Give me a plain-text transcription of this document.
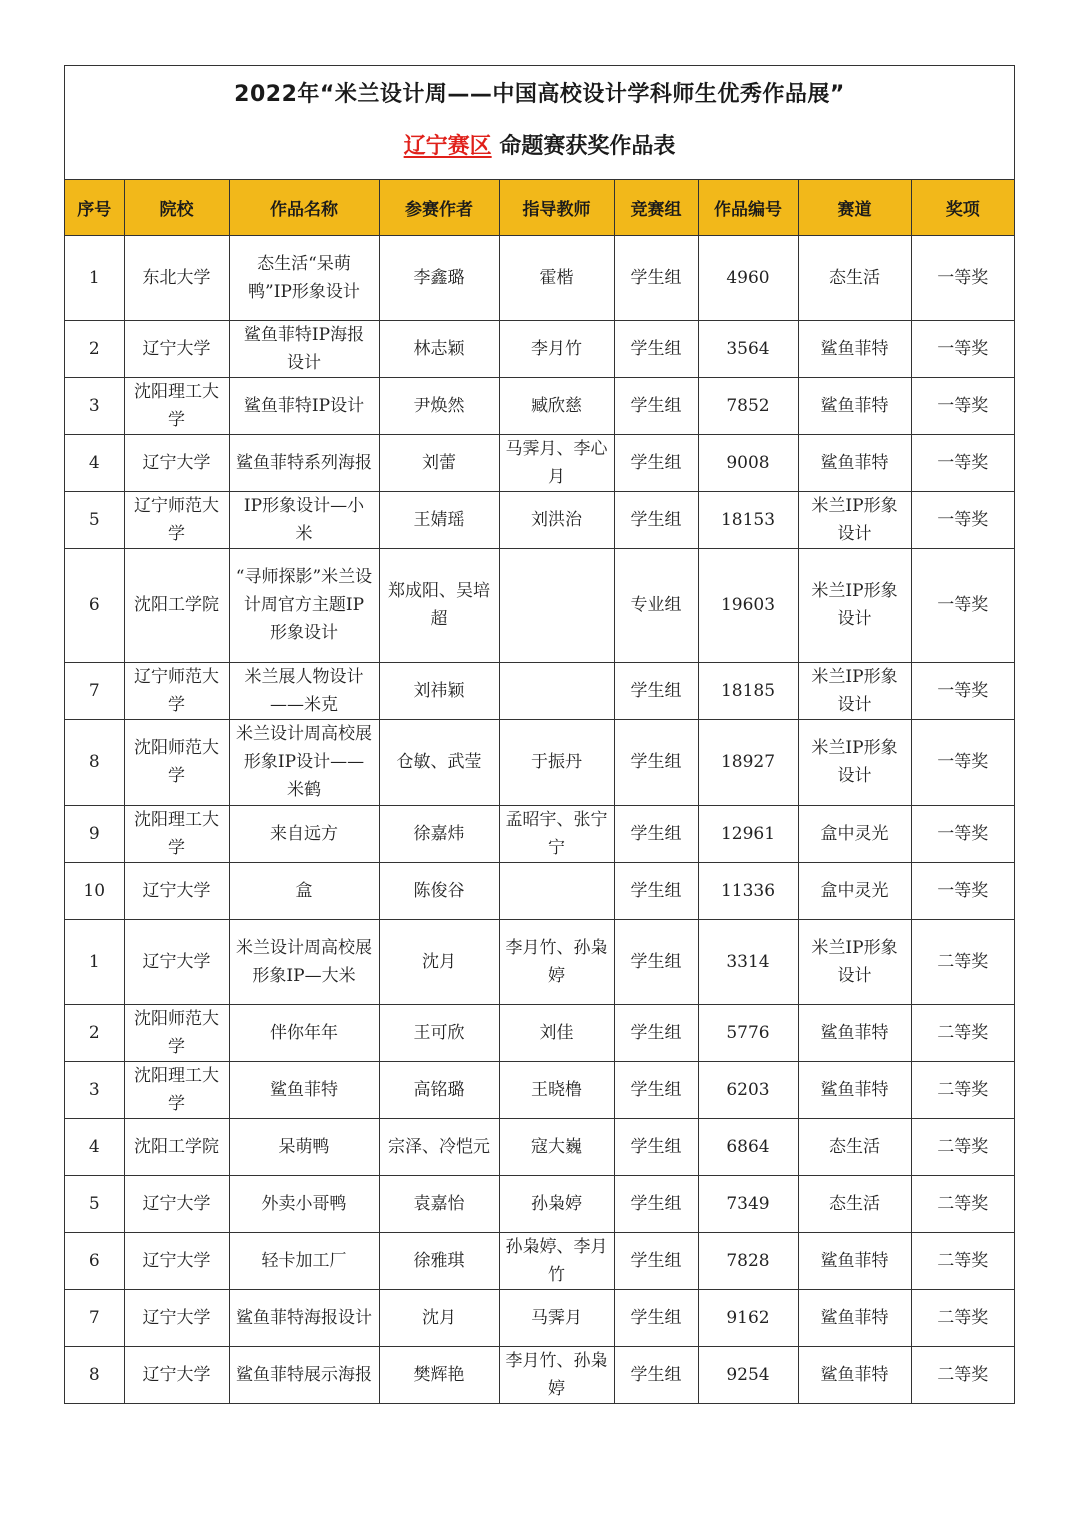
2022年“米兰设计周——中国高校设计学科师生优秀作品展”
辽宁赛区 命题赛获奖作品表
序号	院校	作品名称	参赛作者	指导教师	竞赛组	作品编号	赛道	奖项
1	东北大学	态生活“呆萌鸭”IP形象设计	李鑫璐	霍楷	学生组	4960	态生活	一等奖
2	辽宁大学	鲨鱼菲特IP海报设计	林志颖	李月竹	学生组	3564	鲨鱼菲特	一等奖
3	沈阳理工大学	鲨鱼菲特IP设计	尹焕然	臧欣慈	学生组	7852	鲨鱼菲特	一等奖
4	辽宁大学	鲨鱼菲特系列海报	刘蕾	马霁月、李心月	学生组	9008	鲨鱼菲特	一等奖
5	辽宁师范大学	IP形象设计—小米	王婧瑶	刘洪治	学生组	18153	米兰IP形象设计	一等奖
6	沈阳工学院	“寻师探影”米兰设计周官方主题IP形象设计	郑成阳、吴培超		专业组	19603	米兰IP形象设计	一等奖
7	辽宁师范大学	米兰展人物设计——米克	刘祎颖		学生组	18185	米兰IP形象设计	一等奖
8	沈阳师范大学	米兰设计周高校展形象IP设计——米鹤	仓敏、武莹	于振丹	学生组	18927	米兰IP形象设计	一等奖
9	沈阳理工大学	来自远方	徐嘉炜	孟昭宇、张宁宁	学生组	12961	盒中灵光	一等奖
10	辽宁大学	盒	陈俊谷		学生组	11336	盒中灵光	一等奖
1	辽宁大学	米兰设计周高校展形象IP—大米	沈月	李月竹、孙枭婷	学生组	3314	米兰IP形象设计	二等奖
2	沈阳师范大学	伴你年年	王可欣	刘佳	学生组	5776	鲨鱼菲特	二等奖
3	沈阳理工大学	鲨鱼菲特	高铭璐	王晓橹	学生组	6203	鲨鱼菲特	二等奖
4	沈阳工学院	呆萌鸭	宗泽、冷恺元	寇大巍	学生组	6864	态生活	二等奖
5	辽宁大学	外卖小哥鸭	袁嘉怡	孙枭婷	学生组	7349	态生活	二等奖
6	辽宁大学	轻卡加工厂	徐雅琪	孙枭婷、李月竹	学生组	7828	鲨鱼菲特	二等奖
7	辽宁大学	鲨鱼菲特海报设计	沈月	马霁月	学生组	9162	鲨鱼菲特	二等奖
8	辽宁大学	鲨鱼菲特展示海报	樊辉艳	李月竹、孙枭婷	学生组	9254	鲨鱼菲特	二等奖
